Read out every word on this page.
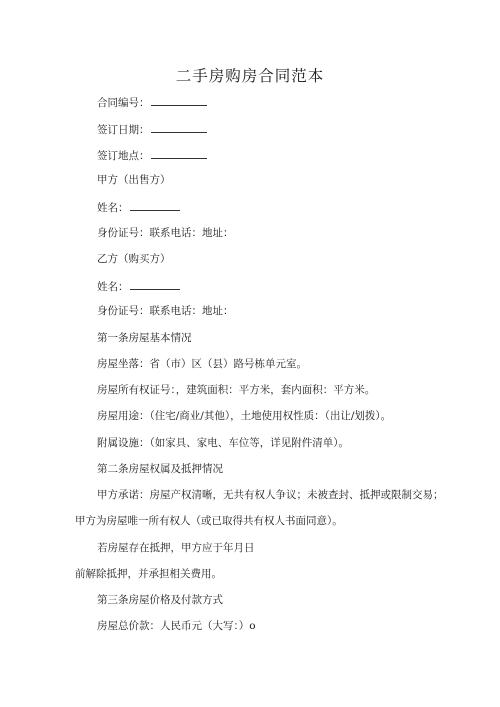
二手房购房合同范本
合同编号：
签订日期：
签订地点：
甲方（出售方）
姓名：
身份证号：联系电话：地址：
乙方（购买方）
姓名：
身份证号：联系电话：地址：
第一条房屋基本情况
房屋坐落：省（市）区（县）路号栋单元室。
房屋所有权证号：，建筑面积：平方米，套内面积：平方米。
房屋用途：（住宅/商业/其他），土地使用权性质：（出让/划拨）。
附属设施：（如家具、家电、车位等，详见附件清单）。
第二条房屋权属及抵押情况
甲方承诺：房屋产权清晰，无共有权人争议；未被查封、抵押或限制交易；
甲方为房屋唯一所有权人（或已取得共有权人书面同意）。
若房屋存在抵押，甲方应于年月日
前解除抵押，并承担相关费用。
第三条房屋价格及付款方式
房屋总价款：人民币元（大写：）o
